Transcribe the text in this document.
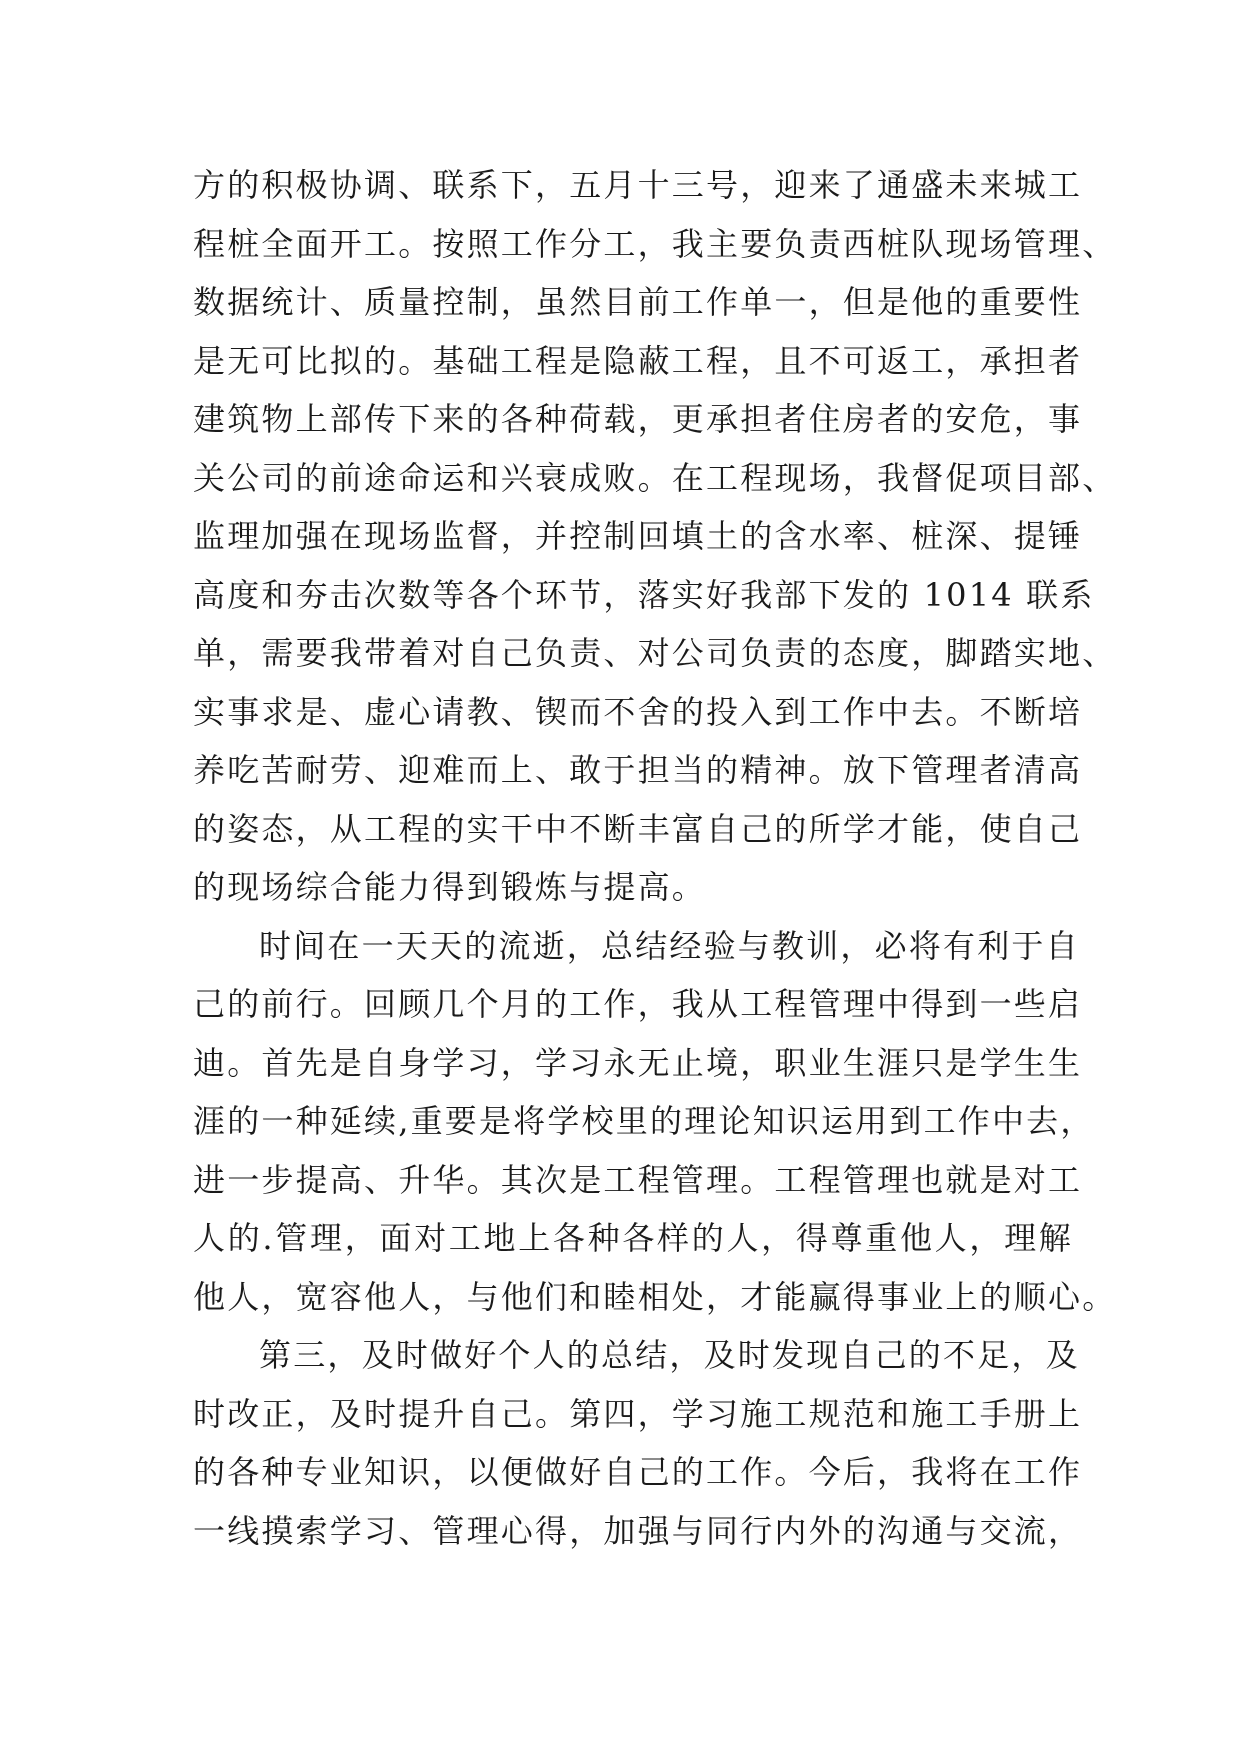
方的积极协调、联系下，五月十三号，迎来了通盛未来城工
程桩全面开工。按照工作分工，我主要负责西桩队现场管理、
数据统计、质量控制，虽然目前工作单一，但是他的重要性
是无可比拟的。基础工程是隐蔽工程，且不可返工，承担者
建筑物上部传下来的各种荷载，更承担者住房者的安危，事
关公司的前途命运和兴衰成败。在工程现场，我督促项目部、
监理加强在现场监督，并控制回填土的含水率、桩深、提锤
高度和夯击次数等各个环节，落实好我部下发的 1014 联系
单，需要我带着对自己负责、对公司负责的态度，脚踏实地、
实事求是、虚心请教、锲而不舍的投入到工作中去。不断培
养吃苦耐劳、迎难而上、敢于担当的精神。放下管理者清高
的姿态，从工程的实干中不断丰富自己的所学才能，使自己
的现场综合能力得到锻炼与提高。
时间在一天天的流逝，总结经验与教训，必将有利于自
己的前行。回顾几个月的工作，我从工程管理中得到一些启
迪。首先是自身学习，学习永无止境，职业生涯只是学生生
涯的一种延续,重要是将学校里的理论知识运用到工作中去，
进一步提高、升华。其次是工程管理。工程管理也就是对工
人的.管理，面对工地上各种各样的人，得尊重他人，理解
他人，宽容他人，与他们和睦相处，才能赢得事业上的顺心。
第三，及时做好个人的总结，及时发现自己的不足，及
时改正，及时提升自己。第四，学习施工规范和施工手册上
的各种专业知识，以便做好自己的工作。今后，我将在工作
一线摸索学习、管理心得，加强与同行内外的沟通与交流，
